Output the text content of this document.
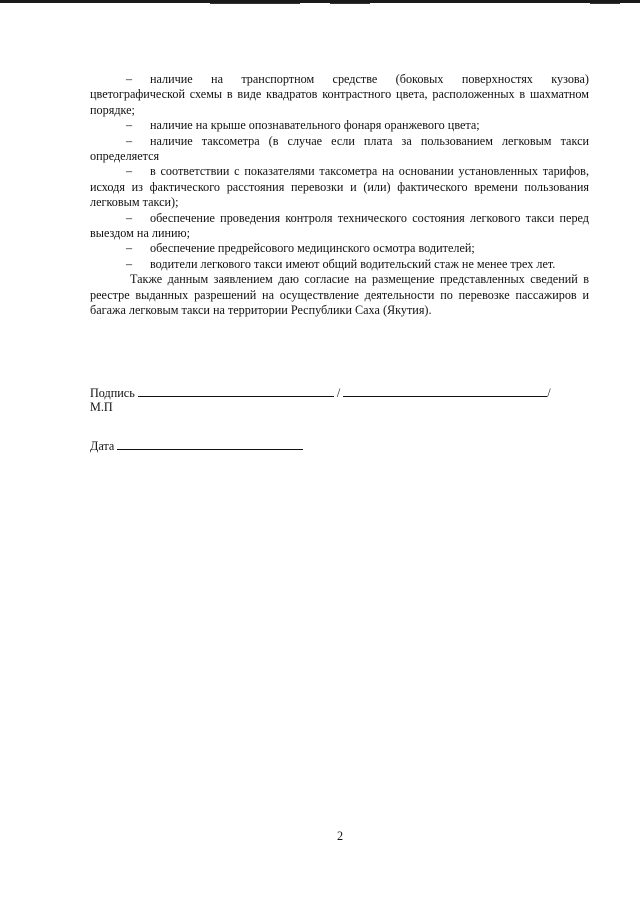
– наличие на транспортном средстве (боковых поверхностях кузова) цветографической схемы в виде квадратов контрастного цвета, расположенных в шахматном порядке;

– наличие на крыше опознавательного фонаря оранжевого цвета;

– наличие таксометра (в случае если плата за пользованием легковым такси определяется

– в соответствии с показателями таксометра на основании установленных тарифов, исходя из фактического расстояния перевозки и (или) фактического времени пользования легковым такси);

– обеспечение проведения контроля технического состояния легкового такси перед выездом на линию;

– обеспечение предрейсового медицинского осмотра водителей;

– водители легкового такси имеют общий водительский стаж не менее трех лет.

Также данным заявлением даю согласие на размещение представленных сведений в реестре выданных разрешений на осуществление деятельности по перевозке пассажиров и багажа легковым такси на территории Республики Саха (Якутия).

Подпись	/	/
М.П
Дата
2
